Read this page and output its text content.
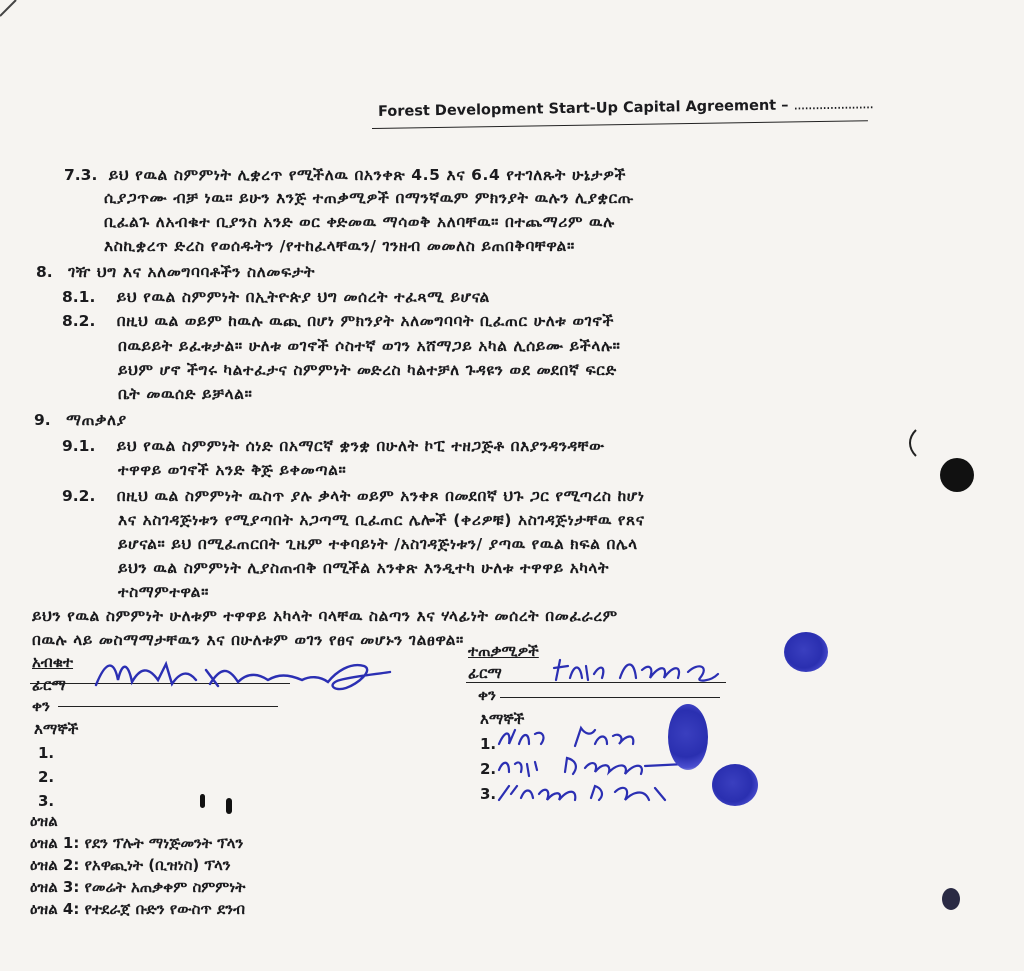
Forest Development Start-Up Capital Agreement – ......................
7.3. ይህ የዉል ስምምነት ሊቋረጥ የሚችለዉ በአንቀጽ 4.5 እና 6.4 የተገለጹት ሁኔታዎች
ሲያጋጥሙ ብቻ ነዉ። ይሁን እንጅ ተጠቃሚዎች በማንኛዉም ምክንያት ዉሉን ሊያቋርጡ
ቢፈልጉ ለአብቁተ ቢያንስ አንድ ወር ቀድመዉ ማሳወቅ አለባቸዉ። በተጨማሪም ዉሉ
እስኪቋረጥ ድረስ የወሰዱትን /የተከፈላቸዉን/ ገንዘብ መመለስ ይጠበቅባቸዋል።
8. ገዥ ህግ እና አለመግባባቶችን ስለመፍታት
8.1. ይህ የዉል ስምምነት በኢትዮጵያ ህግ መሰረት ተፈጻሚ ይሆናል
8.2. በዚህ ዉል ወይም ከዉሉ ዉጪ በሆነ ምክንያት አለመግባባት ቢፈጠር ሁለቱ ወገኖች
በዉይይት ይፈቱታል። ሁለቱ ወገኖች ሶስተኛ ወገን አሸማጋይ አካል ሊሰይሙ ይችላሉ።
ይህም ሆኖ ችግሩ ካልተፈታና ስምምነት መድረስ ካልተቻለ ጉዳዩን ወደ መደበኛ ፍርድ
ቤት መዉሰድ ይቻላል።
9. ማጠቃለያ
9.1. ይህ የዉል ስምምነት ሰነድ በአማርኛ ቋንቋ በሁለት ኮፒ ተዘጋጅቶ በእያንዳንዳቸው
ተዋዋይ ወገኖች አንድ ቅጅ ይቀመጣል።
9.2. በዚህ ዉል ስምምነት ዉስጥ ያሉ ቃላት ወይም አንቀጾ በመደበኛ ህጉ ጋር የሚጣረስ ከሆነ
እና አስገዳጅነቱን የሚያጣበት አጋጣሚ ቢፈጠር ሌሎች (ቀሪዎቹ) አስገዳጅነታቸዉ የጸና
ይሆናል። ይህ በሚፈጠርበት ጊዜም ተቀባይነት /አስገዳጅነቱን/ ያጣዉ የዉል ክፍል በሌላ
ይህን ዉል ስምምነት ሊያስጠብቅ በሚችል አንቀጽ እንዲተካ ሁለቱ ተዋዋይ አካላት
ተስማምተዋል።
ይህን የዉል ስምምነት ሁለቱም ተዋዋይ አካላት ባላቸዉ ስልጣን እና ሃላፊነት መሰረት በመፈራረም
በዉሉ ላይ መስማማታቸዉን እና በሁለቱም ወገን የፀና መሆኑን ገልፀዋል።
አብቁተ
ፊርማ
ቀን
እማኞች
1.
2.
3.
ተጠቃሚዎች
ፊርማ
ቀን
እማኞች
1.
2.
3.
ዕዝል
ዕዝል 1: የደን ፕሉት ማነጅመንት ፕላን
ዕዝል 2: የአዋጪነት (ቢዝነስ) ፕላን
ዕዝል 3: የመሬት አጠቃቀም ስምምነት
ዕዝል 4: የተደራጀ ቡድን የውስጥ ደንብ
